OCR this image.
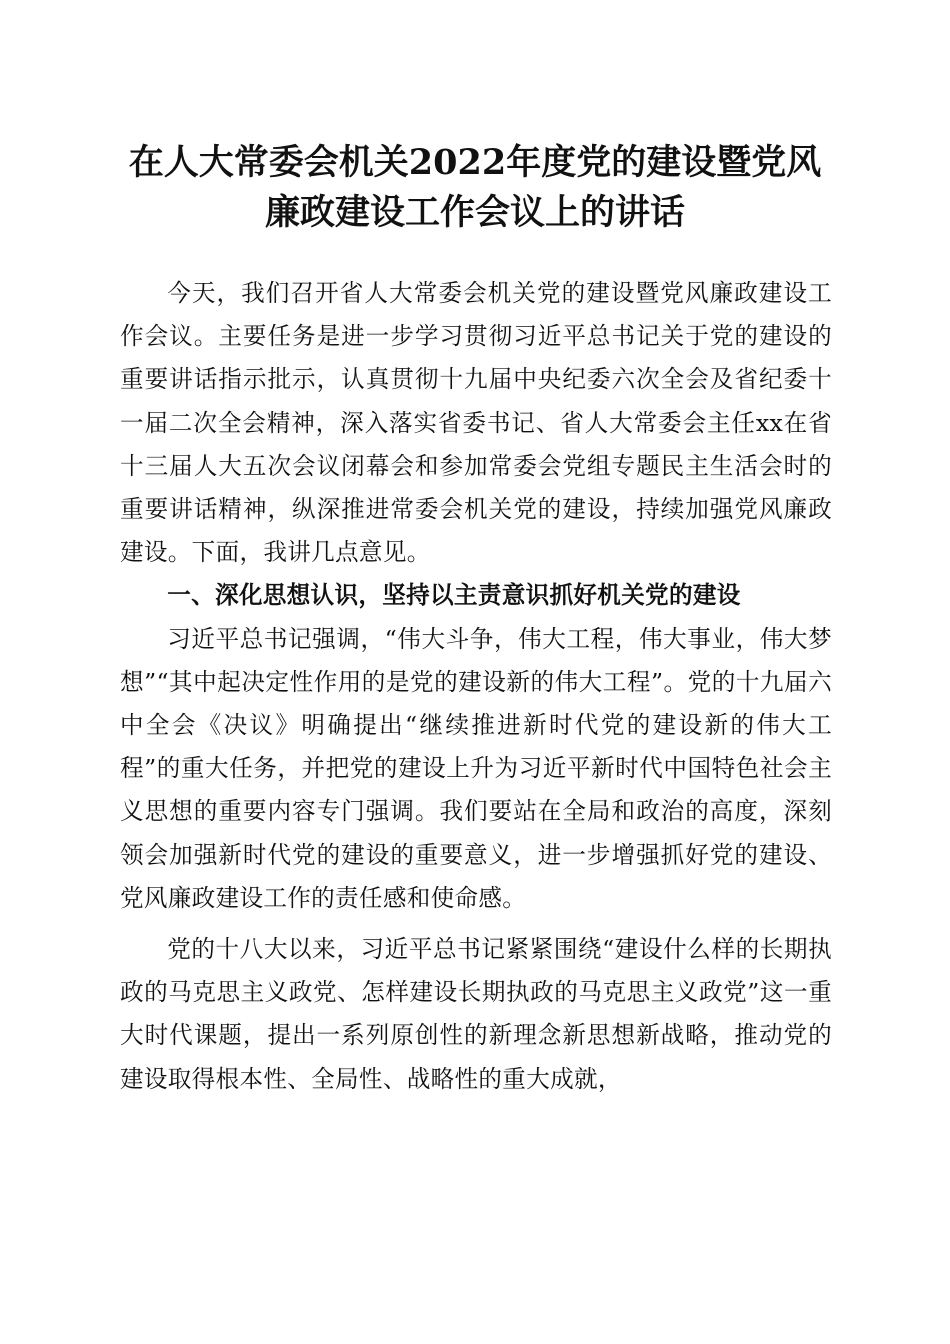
在人大常委会机关2022年度党的建设暨党风
廉政建设工作会议上的讲话

今天，我们召开省人大常委会机关党的建设暨党风廉政建设工作会议。主要任务是进一步学习贯彻习近平总书记关于党的建设的重要讲话指示批示，认真贯彻十九届中央纪委六次全会及省纪委十一届二次全会精神，深入落实省委书记、省人大常委会主任xx在省十三届人大五次会议闭幕会和参加常委会党组专题民主生活会时的重要讲话精神，纵深推进常委会机关党的建设，持续加强党风廉政建设。下面，我讲几点意见。

一、深化思想认识，坚持以主责意识抓好机关党的建设

习近平总书记强调，“伟大斗争，伟大工程，伟大事业，伟大梦想”“其中起决定性作用的是党的建设新的伟大工程”。党的十九届六中全会《决议》明确提出“继续推进新时代党的建设新的伟大工程”的重大任务，并把党的建设上升为习近平新时代中国特色社会主义思想的重要内容专门强调。我们要站在全局和政治的高度，深刻领会加强新时代党的建设的重要意义，进一步增强抓好党的建设、党风廉政建设工作的责任感和使命感。

党的十八大以来，习近平总书记紧紧围绕“建设什么样的长期执政的马克思主义政党、怎样建设长期执政的马克思主义政党”这一重大时代课题，提出一系列原创性的新理念新思想新战略，推动党的建设取得根本性、全局性、战略性的重大成就，
